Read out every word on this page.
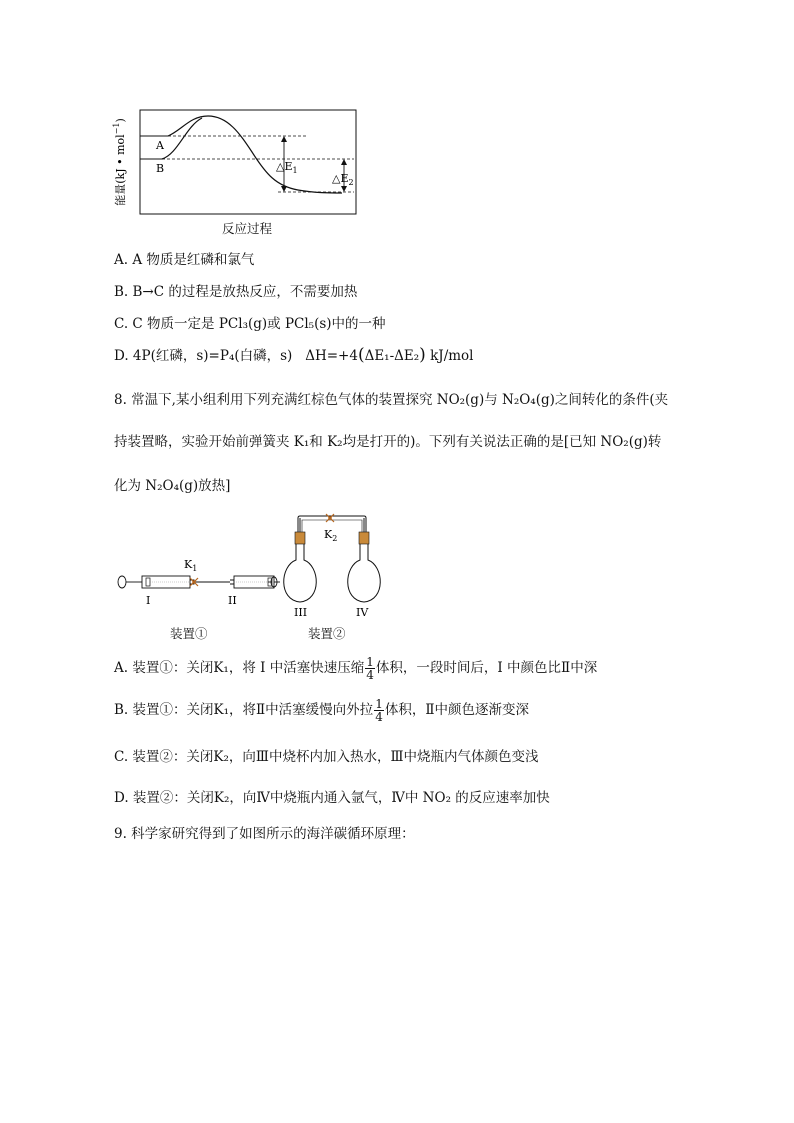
能量(kJ • mol$^{-1}$)
A
B	$\triangle E_1$
$\triangle E_2$
反应过程
A. A 物质是红磷和氯气
B. B→C 的过程是放热反应，不需要加热
C. C 物质一定是 PCl₃(g)或 PCl₅(s)中的一种
D. 4P(红磷，s)=P₄(白磷，s) ΔH=+4(ΔE₁-ΔE₂) kJ/mol
8. 常温下,某小组利用下列充满红棕色气体的装置探究 NO₂(g)与 N₂O₄(g)之间转化的条件(夹
持装置略，实验开始前弹簧夹 K₁和 K₂均是打开的)。下列有关说法正确的是[已知 NO₂(g)转
化为 N₂O₄(g)放热]
$K_1$
I	II
$K_2$
III	IV
装置①	装置②
A. 装置①：关闭K₁，将 I 中活塞快速压缩 $\frac{1}{4}$ 体积，一段时间后，I 中颜色比Ⅱ中深
B. 装置①：关闭K₁，将Ⅱ中活塞缓慢向外拉 $\frac{1}{4}$ 体积，Ⅱ中颜色逐渐变深
C. 装置②：关闭K₂，向Ⅲ中烧杯内加入热水，Ⅲ中烧瓶内气体颜色变浅
D. 装置②：关闭K₂，向Ⅳ中烧瓶内通入氩气，Ⅳ中 NO₂ 的反应速率加快
9. 科学家研究得到了如图所示的海洋碳循环原理：
